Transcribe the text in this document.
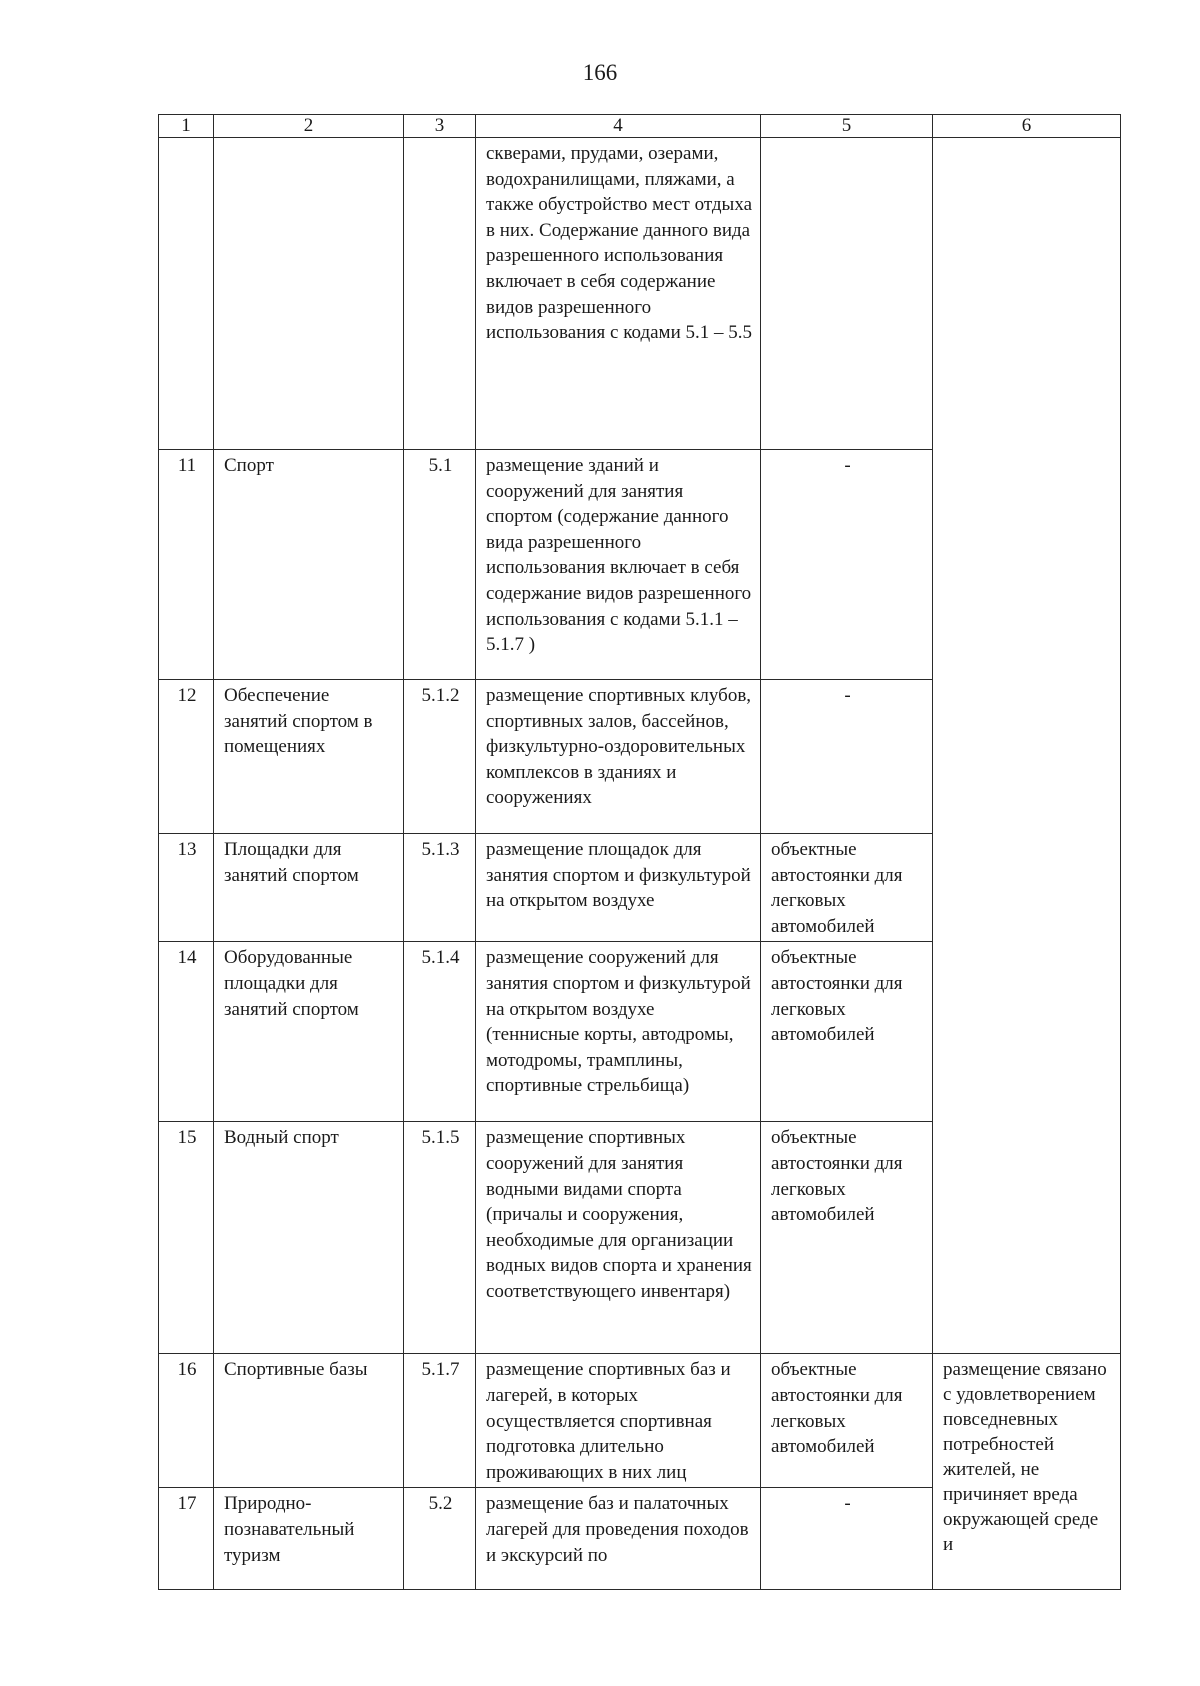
166
1	2	3	4	5	6
			скверами, прудами, озерами, водохранилищами, пляжами, а также обустройство мест отдыха в них. Содержание данного вида разрешенного использования включает в себя содержание видов разрешенного использования с кодами 5.1 – 5.5		
11	Спорт	5.1	размещение зданий и сооружений для занятия спортом (содержание данного вида разрешенного использования включает в себя содержание видов разрешенного использования с кодами 5.1.1 – 5.1.7 )	-	
12	Обеспечение занятий спортом в помещениях	5.1.2	размещение спортивных клубов, спортивных залов, бассейнов, физкультурно-оздоровительных комплексов в зданиях и сооружениях	-	
13	Площадки для занятий спортом	5.1.3	размещение площадок для занятия спортом и физкультурой на открытом воздухе	объектные автостоянки для легковых автомобилей	
14	Оборудованные площадки для занятий спортом	5.1.4	размещение сооружений для занятия спортом и физкультурой на открытом воздухе (теннисные корты, автодромы, мотодромы, трамплины, спортивные стрельбища)	объектные автостоянки для легковых автомобилей	
15	Водный спорт	5.1.5	размещение спортивных сооружений для занятия водными видами спорта (причалы и сооружения, необходимые для организации водных видов спорта и хранения соответствующего инвентаря)	объектные автостоянки для легковых автомобилей	
16	Спортивные базы	5.1.7	размещение спортивных баз и лагерей, в которых осуществляется спортивная подготовка длительно проживающих в них лиц	объектные автостоянки для легковых автомобилей	размещение связано с удовлетворением повседневных потребностей жителей, не причиняет вреда окружающей среде и
17	Природно-познавательный туризм	5.2	размещение баз и палаточных лагерей для проведения походов и экскурсий по	-	
